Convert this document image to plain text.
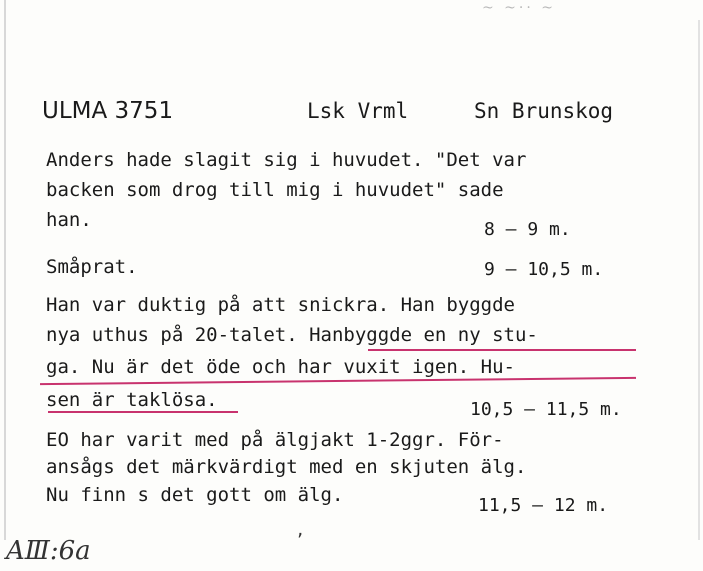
~ ~·· ~
ULMA 3751	Lsk Vrml	Sn Brunskog
Anders hade slagit sig i huvudet. "Det var
backen som drog till mig i huvudet" sade
han.	8 – 9 m.
Småprat.	9 – 10,5 m.
Han var duktig på att snickra. Han byggde
nya uthus på 20-talet. Hanbyggde en ny stu-
ga. Nu är det öde och har vuxit igen. Hu-
sen är taklösa.	10,5 – 11,5 m.
EO har varit med på älgjakt 1-2ggr. För-
ansågs det märkvärdigt med en skjuten älg.
Nu finn s det gott om älg.	11,5 – 12 m.
ʼ
AⅢ:6a
